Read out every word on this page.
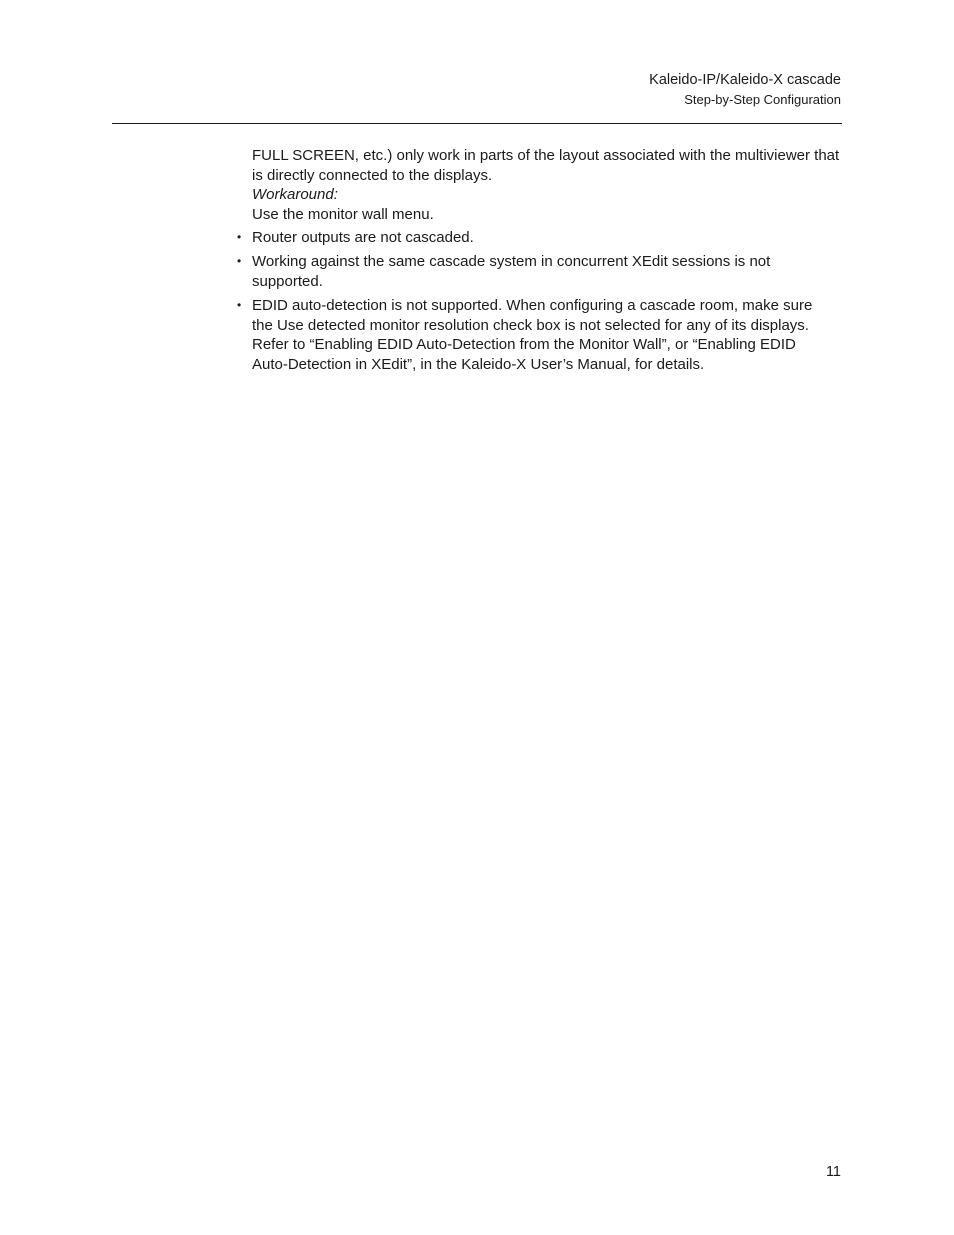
Kaleido-IP/Kaleido-X cascade
Step-by-Step Configuration
FULL SCREEN, etc.) only work in parts of the layout associated with the multiviewer that
is directly connected to the displays.
Workaround:
Use the monitor wall menu.
• Router outputs are not cascaded.
• Working against the same cascade system in concurrent XEdit sessions is not
supported.
• EDID auto-detection is not supported. When configuring a cascade room, make sure
the Use detected monitor resolution check box is not selected for any of its displays.
Refer to “Enabling EDID Auto-Detection from the Monitor Wall”, or “Enabling EDID
Auto-Detection in XEdit”, in the Kaleido-X User’s Manual, for details.
11
